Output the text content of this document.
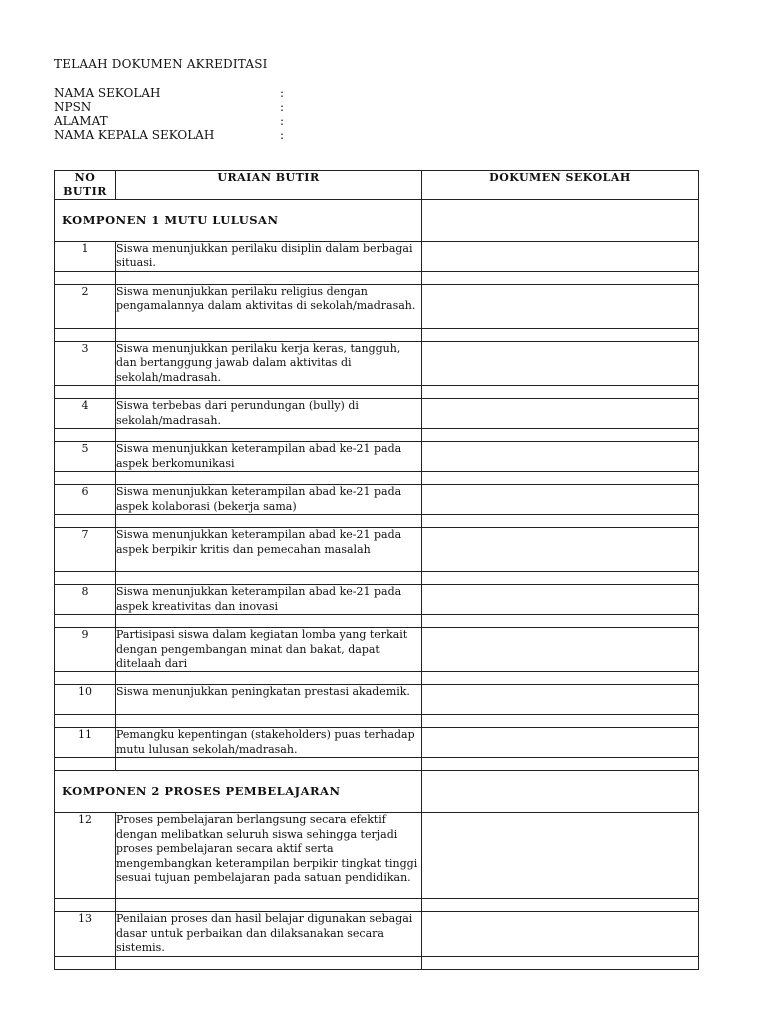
TELAAH DOKUMEN AKREDITASI
NAMA SEKOLAH	:
NPSN	:
ALAMAT	:
NAMA KEPALA SEKOLAH	:
NO
BUTIR	URAIAN BUTIR	DOKUMEN SEKOLAH
KOMPONEN 1 MUTU LULUSAN		
1	Siswa menunjukkan perilaku disiplin dalam berbagai situasi.	

2	Siswa menunjukkan perilaku religius dengan pengamalannya dalam aktivitas di sekolah/madrasah.	

3	Siswa menunjukkan perilaku kerja keras, tangguh, dan bertanggung jawab dalam aktivitas di sekolah/madrasah.	

4	Siswa terbebas dari perundungan (bully) di sekolah/madrasah.	

5	Siswa menunjukkan keterampilan abad ke-21 pada aspek berkomunikasi	

6	Siswa menunjukkan keterampilan abad ke-21 pada aspek kolaborasi (bekerja sama)	

7	Siswa menunjukkan keterampilan abad ke-21 pada aspek berpikir kritis dan pemecahan masalah	

8	Siswa menunjukkan keterampilan abad ke-21 pada aspek kreativitas dan inovasi	

9	Partisipasi siswa dalam kegiatan lomba yang terkait dengan pengembangan minat dan bakat, dapat ditelaah dari	

10	Siswa menunjukkan peningkatan prestasi akademik.	

11	Pemangku kepentingan (stakeholders) puas terhadap mutu lulusan sekolah/madrasah.	

KOMPONEN 2 PROSES PEMBELAJARAN		
12	Proses pembelajaran berlangsung secara efektif dengan melibatkan seluruh siswa sehingga terjadi proses pembelajaran secara aktif serta mengembangkan keterampilan berpikir tingkat tinggi sesuai tujuan pembelajaran pada satuan pendidikan.	

13	Penilaian proses dan hasil belajar digunakan sebagai dasar untuk perbaikan dan dilaksanakan secara sistemis.	
